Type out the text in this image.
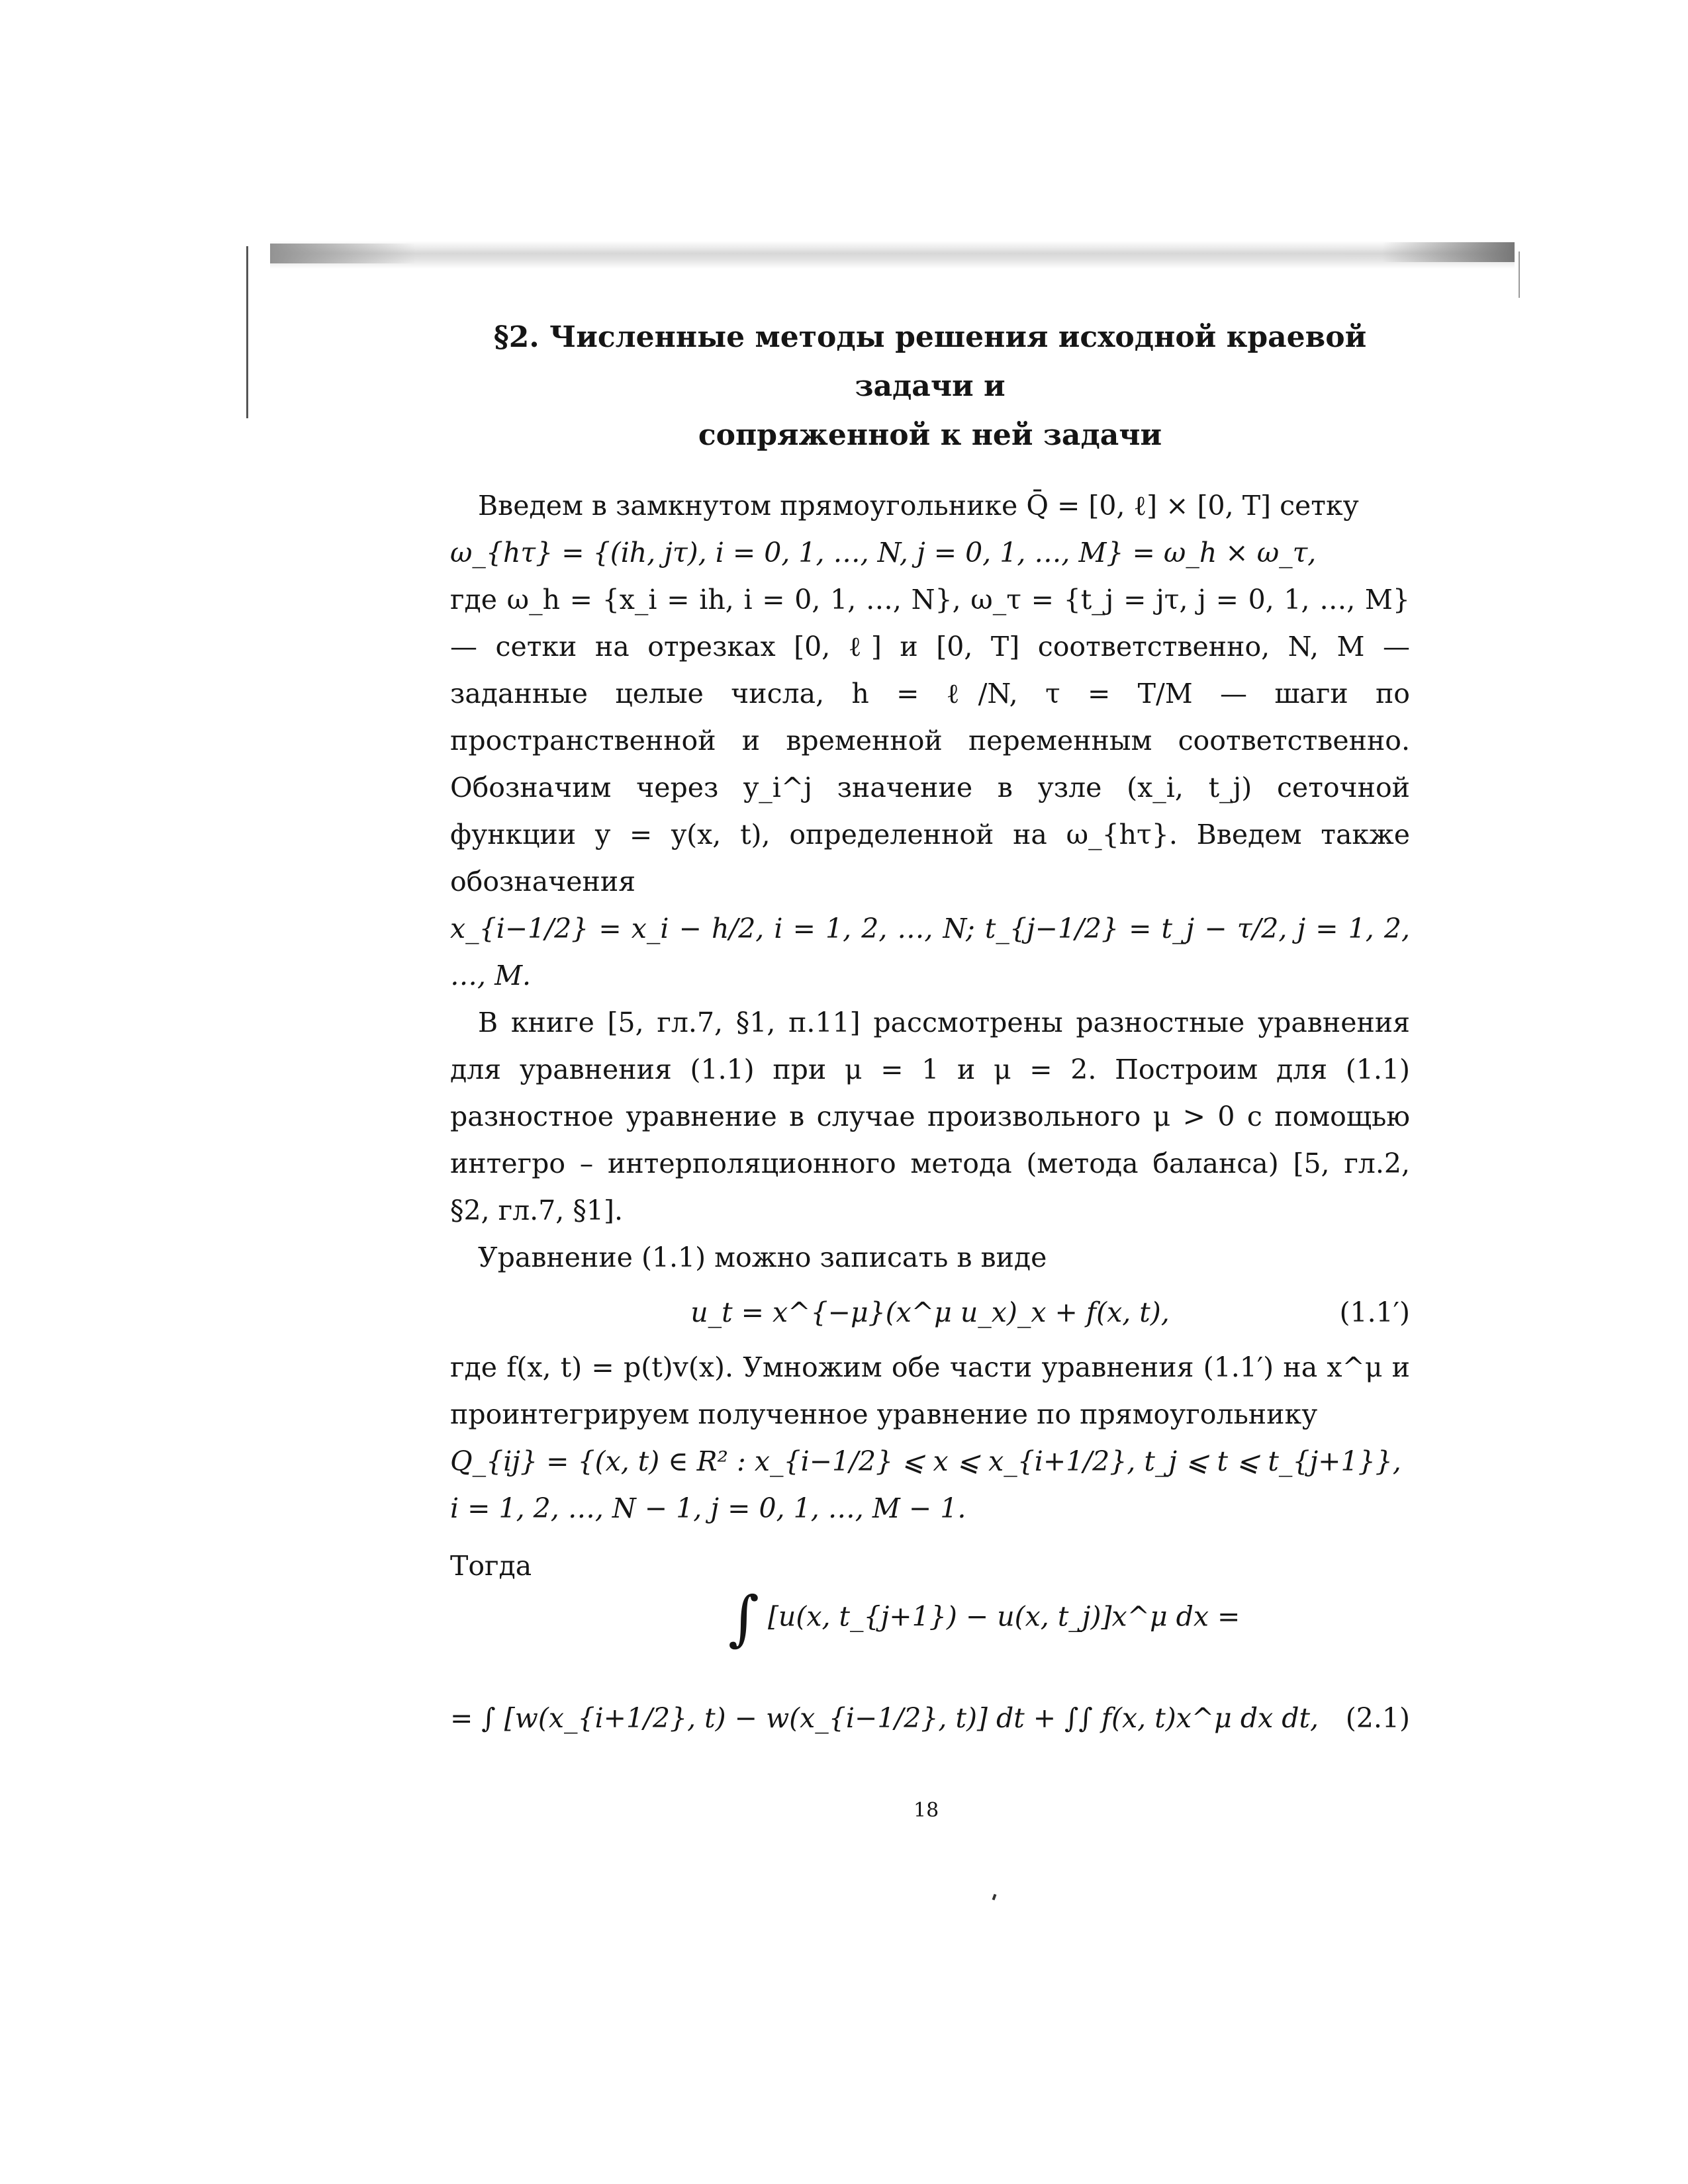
§2. Численные методы решения исходной краевой задачи и
сопряженной к ней задачи

Введем в замкнутом прямоугольнике Q̄ = [0, ℓ] × [0, T] сетку

ω_{hτ} = {(ih, jτ), i = 0, 1, …, N, j = 0, 1, …, M} = ω_h × ω_τ,

где ω_h = {x_i = ih, i = 0, 1, …, N}, ω_τ = {t_j = jτ, j = 0, 1, …, M} — сетки на отрезках [0, ℓ] и [0, T] соответственно, N, M — заданные целые числа, h = ℓ/N, τ = T/M — шаги по пространственной и временной переменным соответственно. Обозначим через y_i^j значение в узле (x_i, t_j) сеточной функции y = y(x, t), определенной на ω_{hτ}. Введем также обозначения

x_{i−1/2} = x_i − h/2, i = 1, 2, …, N; t_{j−1/2} = t_j − τ/2, j = 1, 2, …, M.

В книге [5, гл.7, §1, п.11] рассмотрены разностные уравнения для уравнения (1.1) при μ = 1 и μ = 2. Построим для (1.1) разностное уравнение в случае произвольного μ > 0 с помощью интегро – интерполяционного метода (метода баланса) [5, гл.2, §2, гл.7, §1].

Уравнение (1.1) можно записать в виде

u_t = x^{−μ}(x^μ u_x)_x + f(x, t),	(1.1′)

где f(x, t) = p(t)v(x). Умножим обе части уравнения (1.1′) на x^μ и проинтегрируем полученное уравнение по прямоугольнику

Q_{ij} = {(x, t) ∈ R² : x_{i−1/2} ⩽ x ⩽ x_{i+1/2}, t_j ⩽ t ⩽ t_{j+1}},

i = 1, 2, …, N − 1, j = 0, 1, …, M − 1.

Тогда
∫ [u(x, t_{j+1}) − u(x, t_j)]x^μ dx =
= ∫ [w(x_{i+1/2}, t) − w(x_{i−1/2}, t)] dt + ∫∫ f(x, t)x^μ dx dt, (2.1)
18
